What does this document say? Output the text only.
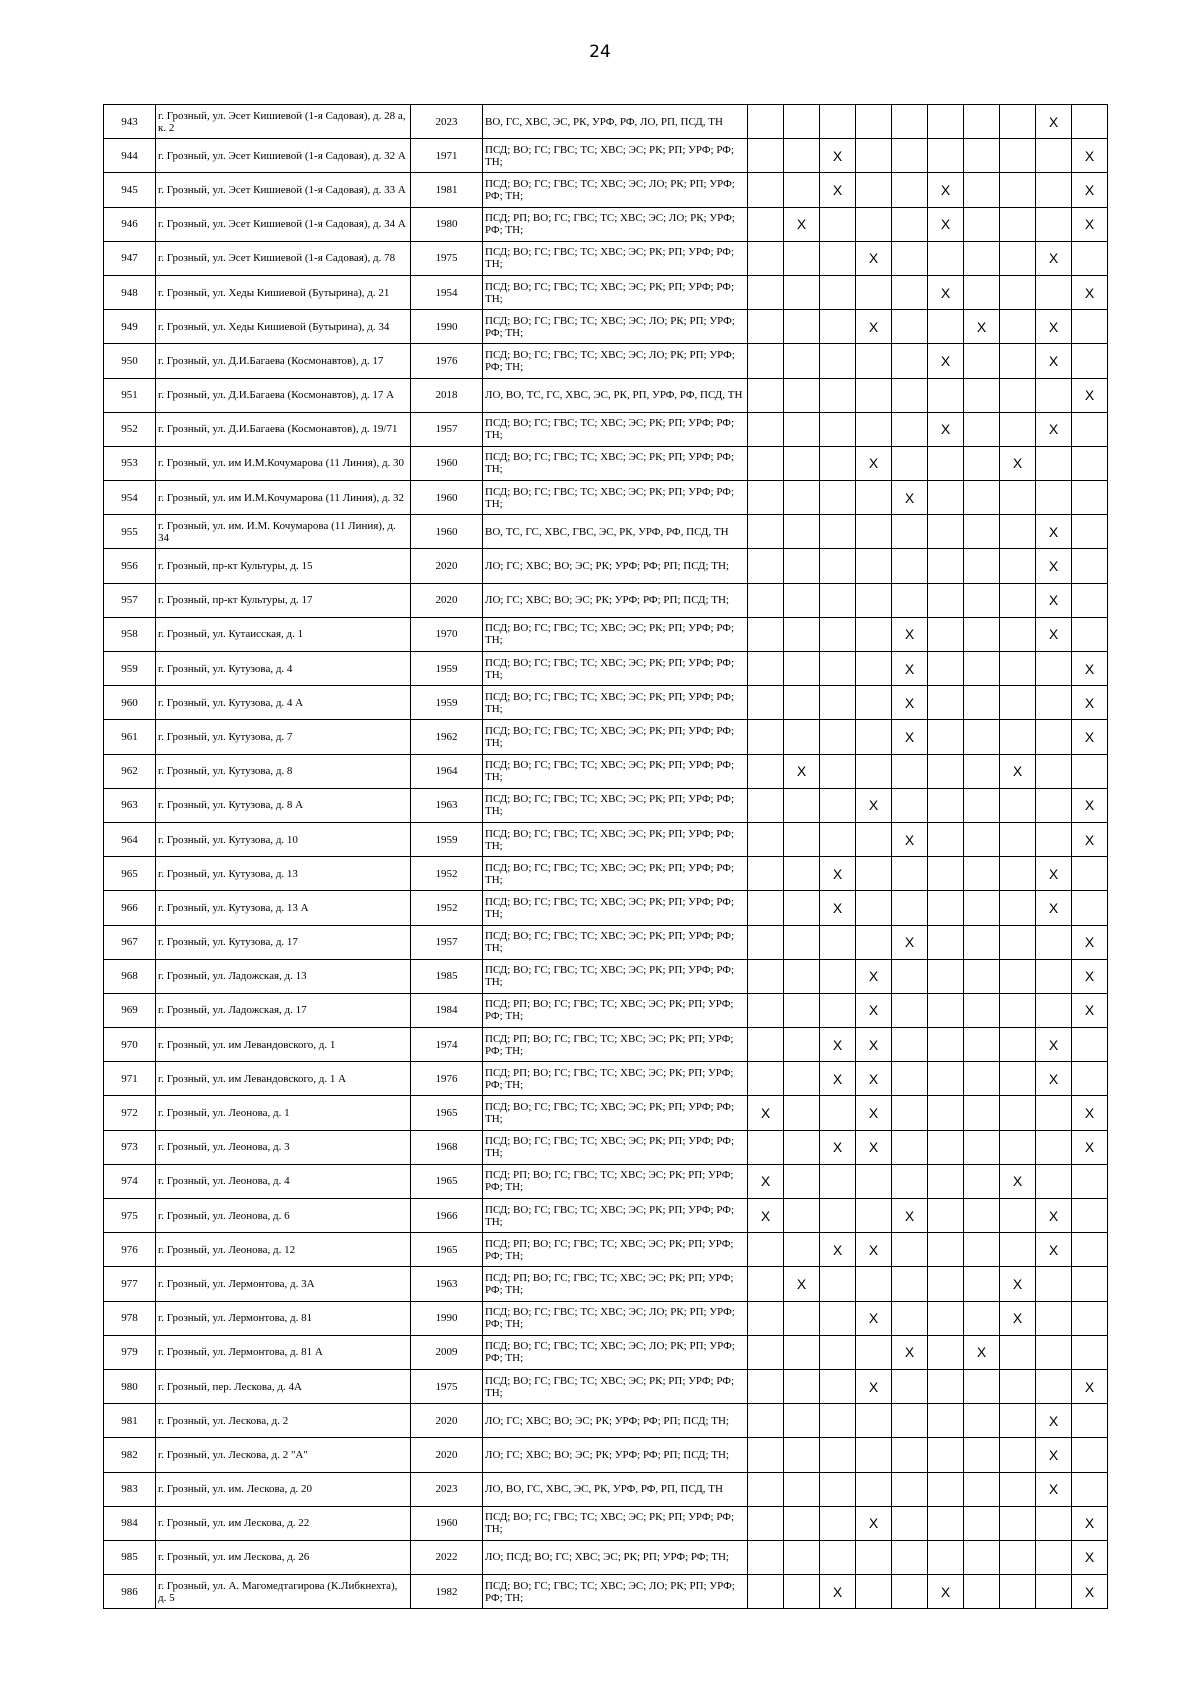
24
943	г. Грозный, ул. Эсет Кишиевой (1-я Садовая), д. 28 а, к. 2	2023	ВО, ГС, ХВС, ЭС, РК, УРФ, РФ, ЛО, РП, ПСД, ТН									X	
944	г. Грозный, ул. Эсет Кишиевой (1-я Садовая), д. 32 А	1971	ПСД; ВО; ГС; ГВС; ТС; ХВС; ЭС; РК; РП; УРФ; РФ; ТН;			X							X
945	г. Грозный, ул. Эсет Кишиевой (1-я Садовая), д. 33 А	1981	ПСД; ВО; ГС; ГВС; ТС; ХВС; ЭС; ЛО; РК; РП; УРФ; РФ; ТН;			X			X				X
946	г. Грозный, ул. Эсет Кишиевой (1-я Садовая), д. 34 А	1980	ПСД; РП; ВО; ГС; ГВС; ТС; ХВС; ЭС; ЛО; РК; УРФ; РФ; ТН;		X				X				X
947	г. Грозный, ул. Эсет Кишиевой (1-я Садовая), д. 78	1975	ПСД; ВО; ГС; ГВС; ТС; ХВС; ЭС; РК; РП; УРФ; РФ; ТН;				X					X	
948	г. Грозный, ул. Хеды Кишиевой (Бутырина), д. 21	1954	ПСД; ВО; ГС; ГВС; ТС; ХВС; ЭС; РК; РП; УРФ; РФ; ТН;						X				X
949	г. Грозный, ул. Хеды Кишиевой (Бутырина), д. 34	1990	ПСД; ВО; ГС; ГВС; ТС; ХВС; ЭС; ЛО; РК; РП; УРФ; РФ; ТН;				X			X		X	
950	г. Грозный, ул. Д.И.Багаева (Космонавтов), д. 17	1976	ПСД; ВО; ГС; ГВС; ТС; ХВС; ЭС; ЛО; РК; РП; УРФ; РФ; ТН;						X			X	
951	г. Грозный, ул. Д.И.Багаева (Космонавтов), д. 17 А	2018	ЛО, ВО, ТС, ГС, ХВС, ЭС, РК, РП, УРФ, РФ, ПСД, ТН										X
952	г. Грозный, ул. Д.И.Багаева (Космонавтов), д. 19/71	1957	ПСД; ВО; ГС; ГВС; ТС; ХВС; ЭС; РК; РП; УРФ; РФ; ТН;						X			X	
953	г. Грозный, ул. им И.М.Кочумарова (11 Линия), д. 30	1960	ПСД; ВО; ГС; ГВС; ТС; ХВС; ЭС; РК; РП; УРФ; РФ; ТН;				X				X		
954	г. Грозный, ул. им И.М.Кочумарова (11 Линия), д. 32	1960	ПСД; ВО; ГС; ГВС; ТС; ХВС; ЭС; РК; РП; УРФ; РФ; ТН;					X					
955	г. Грозный, ул. им. И.М. Кочумарова (11 Линия), д. 34	1960	ВО, ТС, ГС, ХВС, ГВС, ЭС, РК, УРФ, РФ, ПСД, ТН									X	
956	г. Грозный, пр-кт Культуры, д. 15	2020	ЛО; ГС; ХВС; ВО; ЭС; РК; УРФ; РФ; РП; ПСД; ТН;									X	
957	г. Грозный, пр-кт Культуры, д. 17	2020	ЛО; ГС; ХВС; ВО; ЭС; РК; УРФ; РФ; РП; ПСД; ТН;									X	
958	г. Грозный, ул. Кутаисская, д. 1	1970	ПСД; ВО; ГС; ГВС; ТС; ХВС; ЭС; РК; РП; УРФ; РФ; ТН;					X				X	
959	г. Грозный, ул. Кутузова, д. 4	1959	ПСД; ВО; ГС; ГВС; ТС; ХВС; ЭС; РК; РП; УРФ; РФ; ТН;					X					X
960	г. Грозный, ул. Кутузова, д. 4 А	1959	ПСД; ВО; ГС; ГВС; ТС; ХВС; ЭС; РК; РП; УРФ; РФ; ТН;					X					X
961	г. Грозный, ул. Кутузова, д. 7	1962	ПСД; ВО; ГС; ГВС; ТС; ХВС; ЭС; РК; РП; УРФ; РФ; ТН;					X					X
962	г. Грозный, ул. Кутузова, д. 8	1964	ПСД; ВО; ГС; ГВС; ТС; ХВС; ЭС; РК; РП; УРФ; РФ; ТН;		X						X		
963	г. Грозный, ул. Кутузова, д. 8 А	1963	ПСД; ВО; ГС; ГВС; ТС; ХВС; ЭС; РК; РП; УРФ; РФ; ТН;				X						X
964	г. Грозный, ул. Кутузова, д. 10	1959	ПСД; ВО; ГС; ГВС; ТС; ХВС; ЭС; РК; РП; УРФ; РФ; ТН;					X					X
965	г. Грозный, ул. Кутузова, д. 13	1952	ПСД; ВО; ГС; ГВС; ТС; ХВС; ЭС; РК; РП; УРФ; РФ; ТН;			X						X	
966	г. Грозный, ул. Кутузова, д. 13 А	1952	ПСД; ВО; ГС; ГВС; ТС; ХВС; ЭС; РК; РП; УРФ; РФ; ТН;			X						X	
967	г. Грозный, ул. Кутузова, д. 17	1957	ПСД; ВО; ГС; ГВС; ТС; ХВС; ЭС; РК; РП; УРФ; РФ; ТН;					X					X
968	г. Грозный, ул. Ладожская, д. 13	1985	ПСД; ВО; ГС; ГВС; ТС; ХВС; ЭС; РК; РП; УРФ; РФ; ТН;				X						X
969	г. Грозный, ул. Ладожская, д. 17	1984	ПСД; РП; ВО; ГС; ГВС; ТС; ХВС; ЭС; РК; РП; УРФ; РФ; ТН;				X						X
970	г. Грозный, ул. им Левандовского, д. 1	1974	ПСД; РП; ВО; ГС; ГВС; ТС; ХВС; ЭС; РК; РП; УРФ; РФ; ТН;			X	X					X	
971	г. Грозный, ул. им Левандовского, д. 1 А	1976	ПСД; РП; ВО; ГС; ГВС; ТС; ХВС; ЭС; РК; РП; УРФ; РФ; ТН;			X	X					X	
972	г. Грозный, ул. Леонова, д. 1	1965	ПСД; ВО; ГС; ГВС; ТС; ХВС; ЭС; РК; РП; УРФ; РФ; ТН;	X			X						X
973	г. Грозный, ул. Леонова, д. 3	1968	ПСД; ВО; ГС; ГВС; ТС; ХВС; ЭС; РК; РП; УРФ; РФ; ТН;			X	X						X
974	г. Грозный, ул. Леонова, д. 4	1965	ПСД; РП; ВО; ГС; ГВС; ТС; ХВС; ЭС; РК; РП; УРФ; РФ; ТН;	X							X		
975	г. Грозный, ул. Леонова, д. 6	1966	ПСД; ВО; ГС; ГВС; ТС; ХВС; ЭС; РК; РП; УРФ; РФ; ТН;	X				X				X	
976	г. Грозный, ул. Леонова, д. 12	1965	ПСД; РП; ВО; ГС; ГВС; ТС; ХВС; ЭС; РК; РП; УРФ; РФ; ТН;			X	X					X	
977	г. Грозный, ул. Лермонтова, д. 3А	1963	ПСД; РП; ВО; ГС; ГВС; ТС; ХВС; ЭС; РК; РП; УРФ; РФ; ТН;		X						X		
978	г. Грозный, ул. Лермонтова, д. 81	1990	ПСД; ВО; ГС; ГВС; ТС; ХВС; ЭС; ЛО; РК; РП; УРФ; РФ; ТН;				X				X		
979	г. Грозный, ул. Лермонтова, д. 81 А	2009	ПСД; ВО; ГС; ГВС; ТС; ХВС; ЭС; ЛО; РК; РП; УРФ; РФ; ТН;					X		X			
980	г. Грозный, пер. Лескова, д. 4А	1975	ПСД; ВО; ГС; ГВС; ТС; ХВС; ЭС; РК; РП; УРФ; РФ; ТН;				X						X
981	г. Грозный, ул. Лескова, д. 2	2020	ЛО; ГС; ХВС; ВО; ЭС; РК; УРФ; РФ; РП; ПСД; ТН;									X	
982	г. Грозный, ул. Лескова, д. 2 "А"	2020	ЛО; ГС; ХВС; ВО; ЭС; РК; УРФ; РФ; РП; ПСД; ТН;									X	
983	г. Грозный, ул. им. Лескова, д. 20	2023	ЛО, ВО, ГС, ХВС, ЭС, РК, УРФ, РФ, РП, ПСД, ТН									X	
984	г. Грозный, ул. им Лескова, д. 22	1960	ПСД; ВО; ГС; ГВС; ТС; ХВС; ЭС; РК; РП; УРФ; РФ; ТН;				X						X
985	г. Грозный, ул. им Лескова, д. 26	2022	ЛО; ПСД; ВО; ГС; ХВС; ЭС; РК; РП; УРФ; РФ; ТН;										X
986	г. Грозный, ул. А. Магомедтагирова (К.Либкнехта), д. 5	1982	ПСД; ВО; ГС; ГВС; ТС; ХВС; ЭС; ЛО; РК; РП; УРФ; РФ; ТН;			X			X				X
